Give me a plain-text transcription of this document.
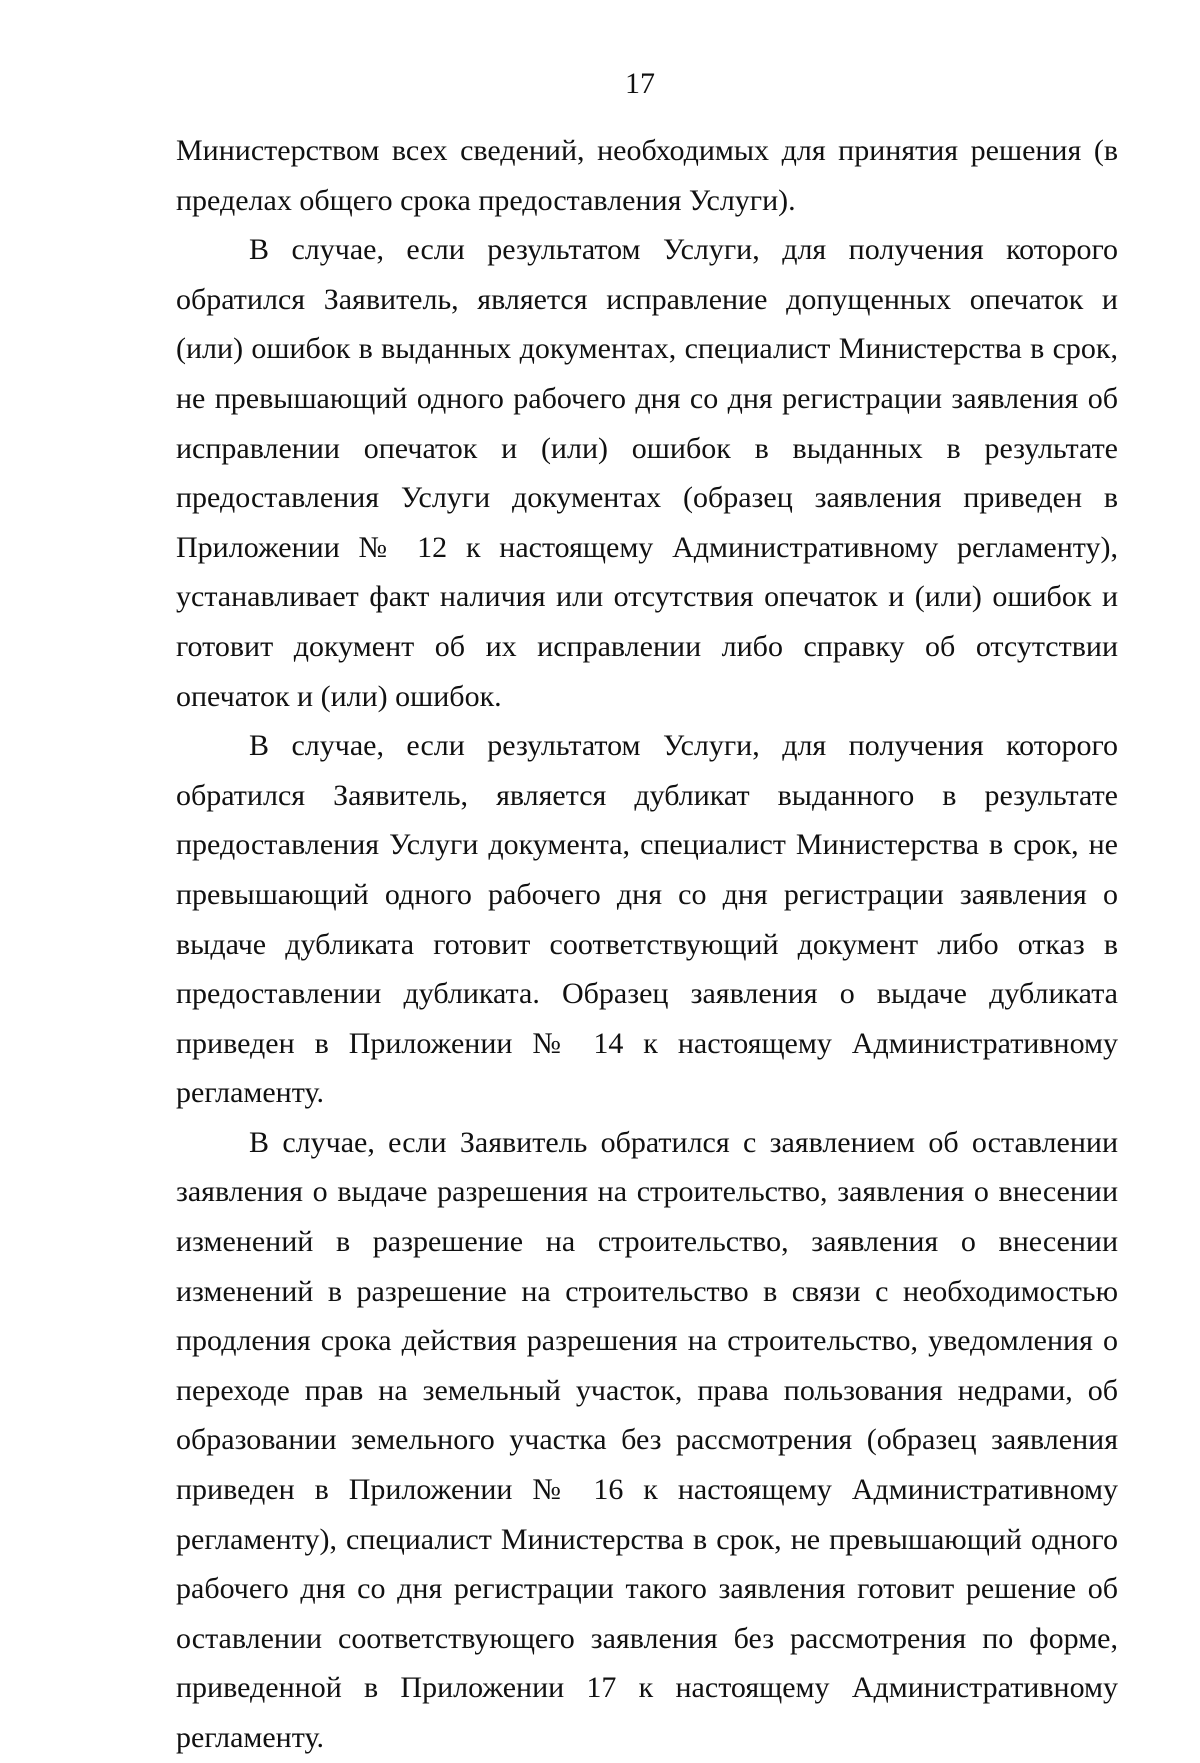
17

Министерством всех сведений, необходимых для принятия решения (в пределах общего срока предоставления Услуги).

В случае, если результатом Услуги, для получения которого обратился Заявитель, является исправление допущенных опечаток и (или) ошибок в выданных документах, специалист Министерства в срок, не превышающий одного рабочего дня со дня регистрации заявления об исправлении опечаток и (или) ошибок в выданных в результате предоставления Услуги документах (образец заявления приведен в Приложении № 12 к настоящему Административному регламенту), устанавливает факт наличия или отсутствия опечаток и (или) ошибок и готовит документ об их исправлении либо справку об отсутствии опечаток и (или) ошибок.

В случае, если результатом Услуги, для получения которого обратился Заявитель, является дубликат выданного в результате предоставления Услуги документа, специалист Министерства в срок, не превышающий одного рабочего дня со дня регистрации заявления о выдаче дубликата готовит соответствующий документ либо отказ в предоставлении дубликата. Образец заявления о выдаче дубликата приведен в Приложении № 14 к настоящему Административному регламенту.

В случае, если Заявитель обратился с заявлением об оставлении заявления о выдаче разрешения на строительство, заявления о внесении изменений в разрешение на строительство, заявления о внесении изменений в разрешение на строительство в связи с необходимостью продления срока действия разрешения на строительство, уведомления о переходе прав на земельный участок, права пользования недрами, об образовании земельного участка без рассмотрения (образец заявления приведен в Приложении № 16 к настоящему Административному регламенту), специалист Министерства в срок, не превышающий одного рабочего дня со дня регистрации такого заявления готовит решение об оставлении соответствующего заявления без рассмотрения по форме, приведенной в Приложении 17 к настоящему Административному регламенту.
